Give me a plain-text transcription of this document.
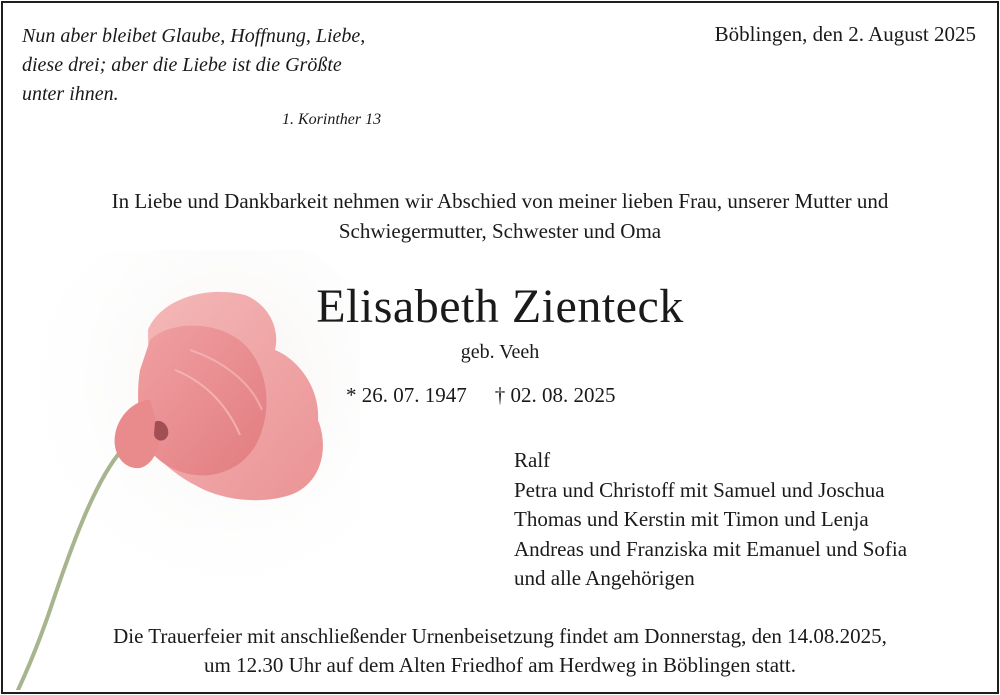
Nun aber bleibet Glaube, Hoffnung, Liebe,
diese drei; aber die Liebe ist die Größte
unter ihnen.
1. Korinther 13
Böblingen, den 2. August 2025
In Liebe und Dankbarkeit nehmen wir Abschied von meiner lieben Frau, unserer Mutter und
Schwiegermutter, Schwester und Oma
Elisabeth Zienteck
geb. Veeh
* 26. 07. 1947 † 02. 08. 2025
Ralf
Petra und Christoff mit Samuel und Joschua
Thomas und Kerstin mit Timon und Lenja
Andreas und Franziska mit Emanuel und Sofia
und alle Angehörigen
Die Trauerfeier mit anschließender Urnenbeisetzung findet am Donnerstag, den 14.08.2025,
um 12.30 Uhr auf dem Alten Friedhof am Herdweg in Böblingen statt.
